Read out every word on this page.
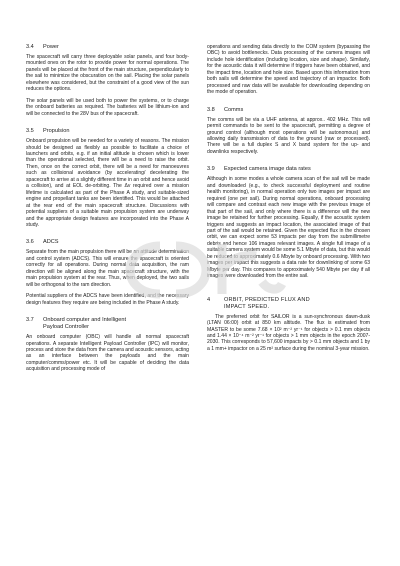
3.4	Power

The spacecraft will carry three deployable solar panels, and four body-mounted ones on the rotor to provide power for normal operations. The panels will be placed at the front of the main structure, perpendicularly to the sail to minimize the obscuration on the sail. Placing the solar panels elsewhere was considered, but the constraint of a good view of the sun reduces the options.

The solar panels will be used both to power the systems, or to charge the onboard batteries as required. The batteries will be lithium-ion and will be connected to the 28V bus of the spacecraft.

3.5	Propulsion

Onboard propulsion will be needed for a variety of reasons. The mission should be designed as flexibly as possible to facilitate a choice of launchers and orbits, e.g. if an initial altitude is chosen which is lower than the operational selected, there will be a need to raise the orbit. Then, once on the correct orbit, there will be a need for manoeuvres such as collisional avoidance (by accelerating/ decelerating the spacecraft to arrive at a slightly different time in an orbit and hence avoid a collision), and at EOL de-orbiting. The Δv required over a mission lifetime is calculated as part of the Phase A study, and suitable-sized engine and propellant tanks are been identified. This would be attached at the rear end of the main spacecraft structure. Discussions with potential suppliers of a suitable main propulsion system are underway and the appropriate design features are incorporated into the Phase A study.

3.6	ADCS

Separate from the main propulsion there will be an attitude determination and control system (ADCS). This will ensure the spacecraft is oriented correctly for all operations. During normal data acquisition, the ram direction will be aligned along the main spacecraft structure, with the main propulsion system at the rear. Thus, when deployed, the two sails will be orthogonal to the ram direction.

Potential suppliers of the ADCS have been identified, and the necessary design features they require are being included in the Phase A study.

3.7	Onboard computer and Intelligent
Payload Controller

An onboard computer (OBC) will handle all normal spacecraft operations. A separate Intelligent Payload Controller (IPC) will monitor, process and store the data from the camera and acoustic sensors, acting as an interface between the payloads and the main computer/comms/power etc. It will be capable of deciding the data acquisition and processing mode of

operations and sending data directly to the COM system (bypassing the OBC) to avoid bottlenecks. Data processing of the camera images will include hole identification (including location, size and shape). Similarly, for the acoustic data it will determine if triggers have been obtained, and the impact time, location and hole size. Based upon this information from both sails will determine the speed and trajectory of an impactor. Both processed and raw data will be available for downloading depending on the mode of operation.

3.8	Comms

The comms will be via a UHF antenna, at approx.. 402 MHz. This will permit commands to be sent to the spacecraft, permitting a degree of ground control (although most operations will be autonomous) and allowing daily transmission of data to the ground (raw or processed). There will be a full duplex S and X band system for the up- and downlinks respectively.

3.9	Expected camera image data rates

Although in some modes a whole camera scan of the sail will be made and downloaded (e.g., to check successful deployment and routine health monitoring), in normal operation only two images per impact are required (one per sail). During normal operations, onboard processing will compare and contrast each new image with the previous image of that part of the sail, and only where there is a difference will the new image be retained for further processing. Equally, if the acoustic system triggers and suggests an impact location, the associated image of that part of the sail would be retained. Given the expected flux in the chosen orbit, we can expect some 53 impacts per day from the submillimetre debris and hence 106 images relevant images. A single full image of a suitable camera system would be some 5.1 Mbyte of data, but this would be reduced to approximately 0.6 Mbyte by onboard processing. With two images per impact this suggests a data rate for downlinking of some 63 Mbyte per day. This compares to approximately 540 Mbyte per day if all images were downloaded from the entire sail.

4	ORBIT, PREDICTED FLUX AND
IMPACT SPEED.

The preferred orbit for SAILOR is a sun-synchronous dawn-dusk (LTAN 06:00) orbit at 850 km altitude. The flux is estimated from MASTER to be some 7.68 × 10² m⁻² yr⁻¹ for objects > 0.1 mm objects and 1.44 × 10⁻⁴ m⁻² yr⁻¹ for objects > 1 mm objects in the epoch 2007-2030. This corresponds to 57,600 impacts by > 0.1 mm objects and 1 by a 1 mm+ impactor on a 25 m² surface during the nominal 3-year mission.
